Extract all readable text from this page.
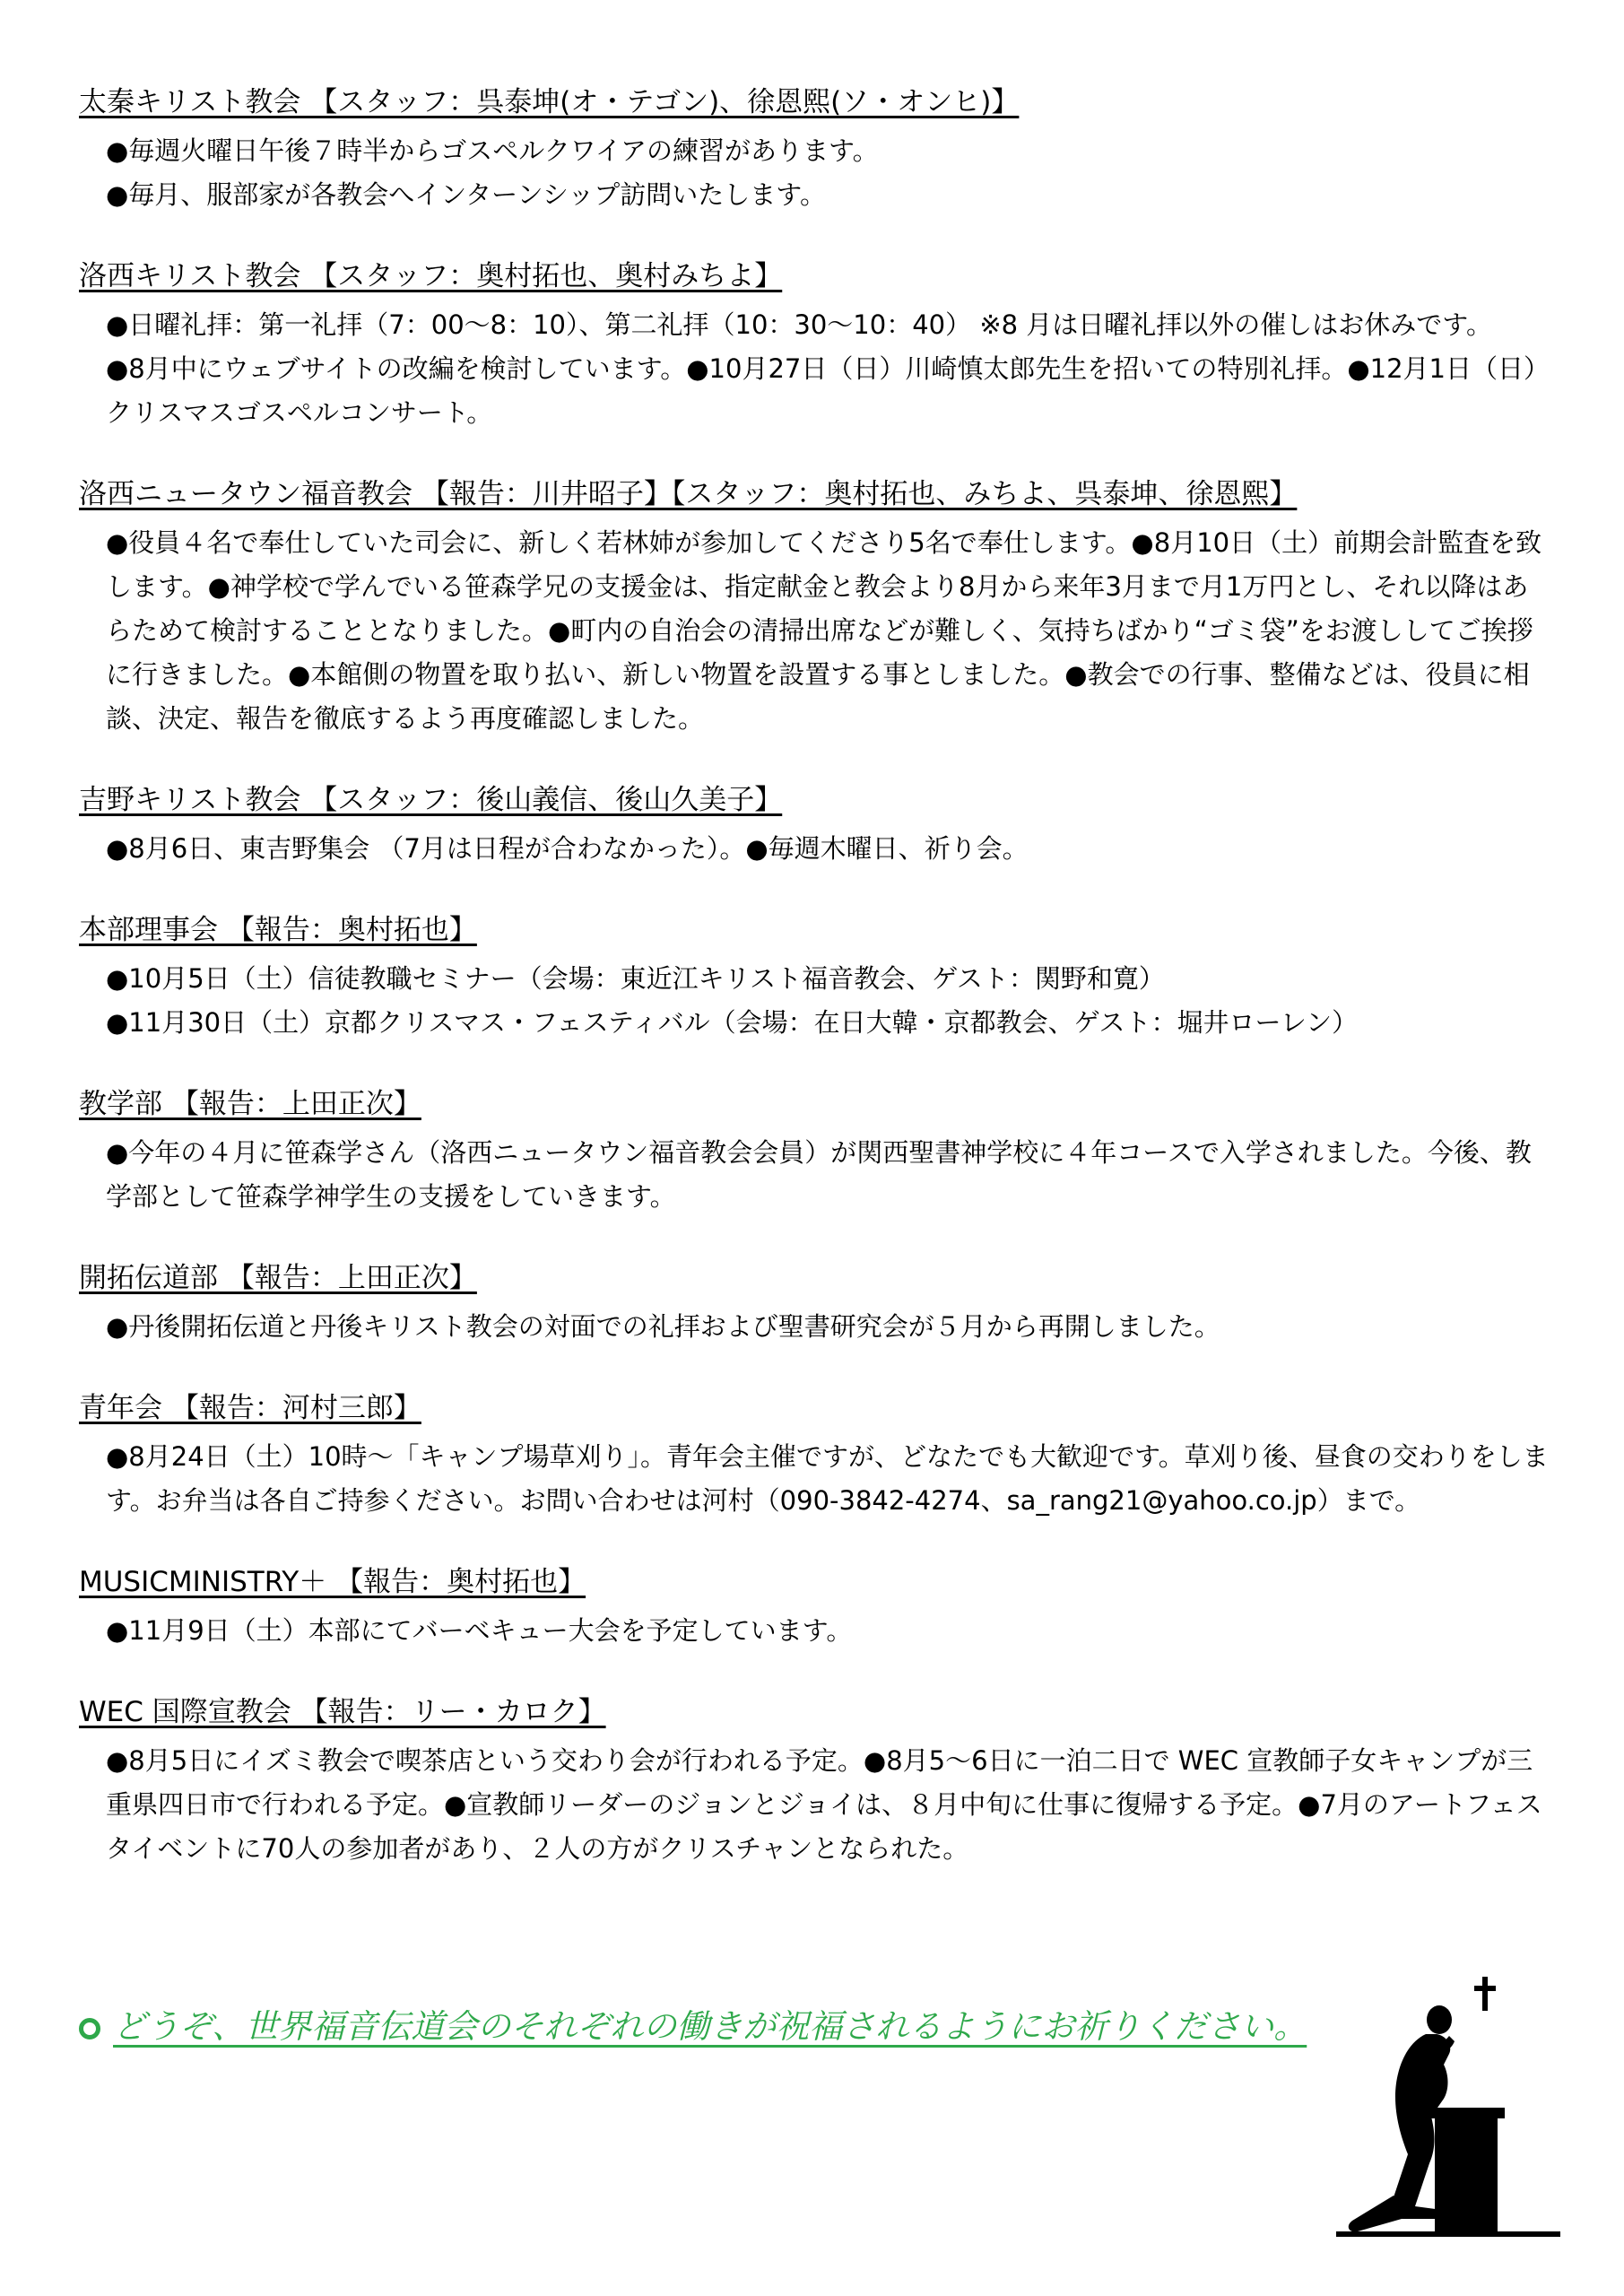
太秦キリスト教会 【スタッフ：呉泰坤(オ・テゴン)、徐恩熙(ソ・オンヒ)】
●毎週火曜日午後７時半からゴスペルクワイアの練習があります。
●毎月、服部家が各教会へインターンシップ訪問いたします。
洛西キリスト教会 【スタッフ：奥村拓也、奥村みちよ】
●日曜礼拝：第一礼拝（7：00～8：10）、第二礼拝（10：30～10：40） ※8 月は日曜礼拝以外の催しはお休みです。
●8月中にウェブサイトの改編を検討しています。●10月27日（日）川崎慎太郎先生を招いての特別礼拝。●12月1日（日）クリスマスゴスペルコンサート。
洛西ニュータウン福音教会 【報告：川井昭子】【スタッフ：奥村拓也、みちよ、呉泰坤、徐恩熙】
●役員４名で奉仕していた司会に、新しく若林姉が参加してくださり5名で奉仕します。●8月10日（土）前期会計監査を致します。●神学校で学んでいる笹森学兄の支援金は、指定献金と教会より8月から来年3月まで月1万円とし、それ以降はあらためて検討することとなりました。●町内の自治会の清掃出席などが難しく、気持ちばかり“ゴミ袋”をお渡ししてご挨拶に行きました。●本館側の物置を取り払い、新しい物置を設置する事としました。●教会での行事、整備などは、役員に相談、決定、報告を徹底するよう再度確認しました。
吉野キリスト教会 【スタッフ：後山義信、後山久美子】
●8月6日、東吉野集会 （7月は日程が合わなかった）。●毎週木曜日、祈り会。
本部理事会 【報告：奥村拓也】
●10月5日（土）信徒教職セミナー（会場：東近江キリスト福音教会、ゲスト：関野和寛）
●11月30日（土）京都クリスマス・フェスティバル（会場：在日大韓・京都教会、ゲスト：堀井ローレン）
教学部 【報告：上田正次】
●今年の４月に笹森学さん（洛西ニュータウン福音教会会員）が関西聖書神学校に４年コースで入学されました。今後、教学部として笹森学神学生の支援をしていきます。
開拓伝道部 【報告：上田正次】
●丹後開拓伝道と丹後キリスト教会の対面での礼拝および聖書研究会が５月から再開しました。
青年会 【報告：河村三郎】
●8月24日（土）10時～「キャンプ場草刈り」。青年会主催ですが、どなたでも大歓迎です。草刈り後、昼食の交わりをします。お弁当は各自ご持参ください。お問い合わせは河村（090-3842-4274、sa_rang21@yahoo.co.jp）まで。
MUSICMINISTRY＋ 【報告：奥村拓也】
●11月9日（土）本部にてバーベキュー大会を予定しています。
WEC 国際宣教会 【報告：リー・カロク】
●8月5日にイズミ教会で喫茶店という交わり会が行われる予定。●8月5～6日に一泊二日で WEC 宣教師子女キャンプが三重県四日市で行われる予定。●宣教師リーダーのジョンとジョイは、８月中旬に仕事に復帰する予定。●7月のアートフェスタイベントに70人の参加者があり、２人の方がクリスチャンとなられた。
どうぞ、世界福音伝道会のそれぞれの働きが祝福されるようにお祈りください。
